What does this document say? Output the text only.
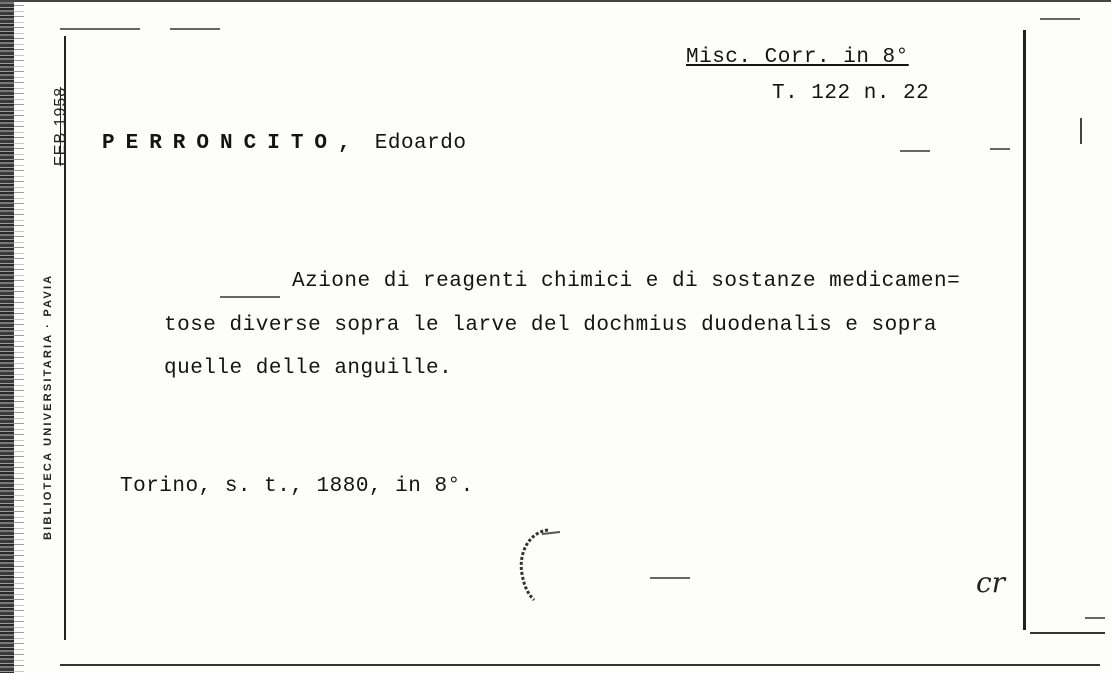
BIBLIOTECA UNIVERSITARIA · PAVIA
FEB 1958
Misc. Corr. in 8°
T. 122 n. 22
PERRONCITO, Edoardo
Azione di reagenti chimici e di sostanze medicamen=
tose diverse sopra le larve del dochmius duodenalis e sopra
quelle delle anguille.
Torino, s. t., 1880, in 8°.
cr
